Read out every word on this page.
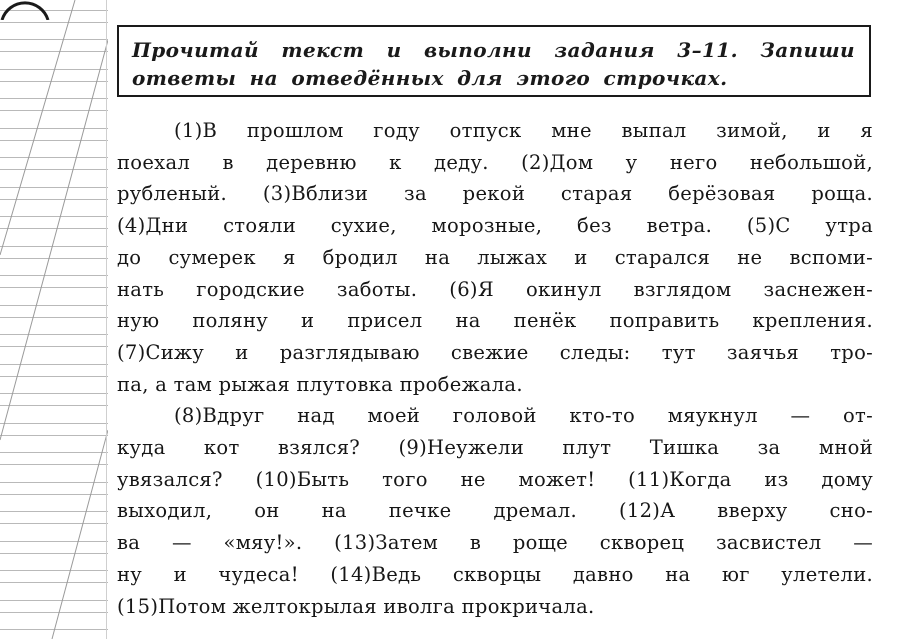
Прочитай текст и выполни задания 3–11. Запиши ответы на отведённых для этого строчках.

(1)В прошлом году отпуск мне выпал зимой, и я
поехал в деревню к деду. (2)Дом у него небольшой,
рубленый. (3)Вблизи за рекой старая берёзовая роща.
(4)Дни стояли сухие, морозные, без ветра. (5)С утра
до сумерек я бродил на лыжах и старался не вспоми-
нать городские заботы. (6)Я окинул взглядом заснежен-
ную поляну и присел на пенёк поправить крепления.
(7)Сижу и разглядываю свежие следы: тут заячья тро-
па, а там рыжая плутовка пробежала.

(8)Вдруг над моей головой кто-то мяукнул — от-
куда кот взялся? (9)Неужели плут Тишка за мной
увязался? (10)Быть того не может! (11)Когда из дому
выходил, он на печке дремал. (12)А вверху сно-
ва — «мяу!». (13)Затем в роще скворец засвистел —
ну и чудеса! (14)Ведь скворцы давно на юг улетели.
(15)Потом желтокрылая иволга прокричала.
